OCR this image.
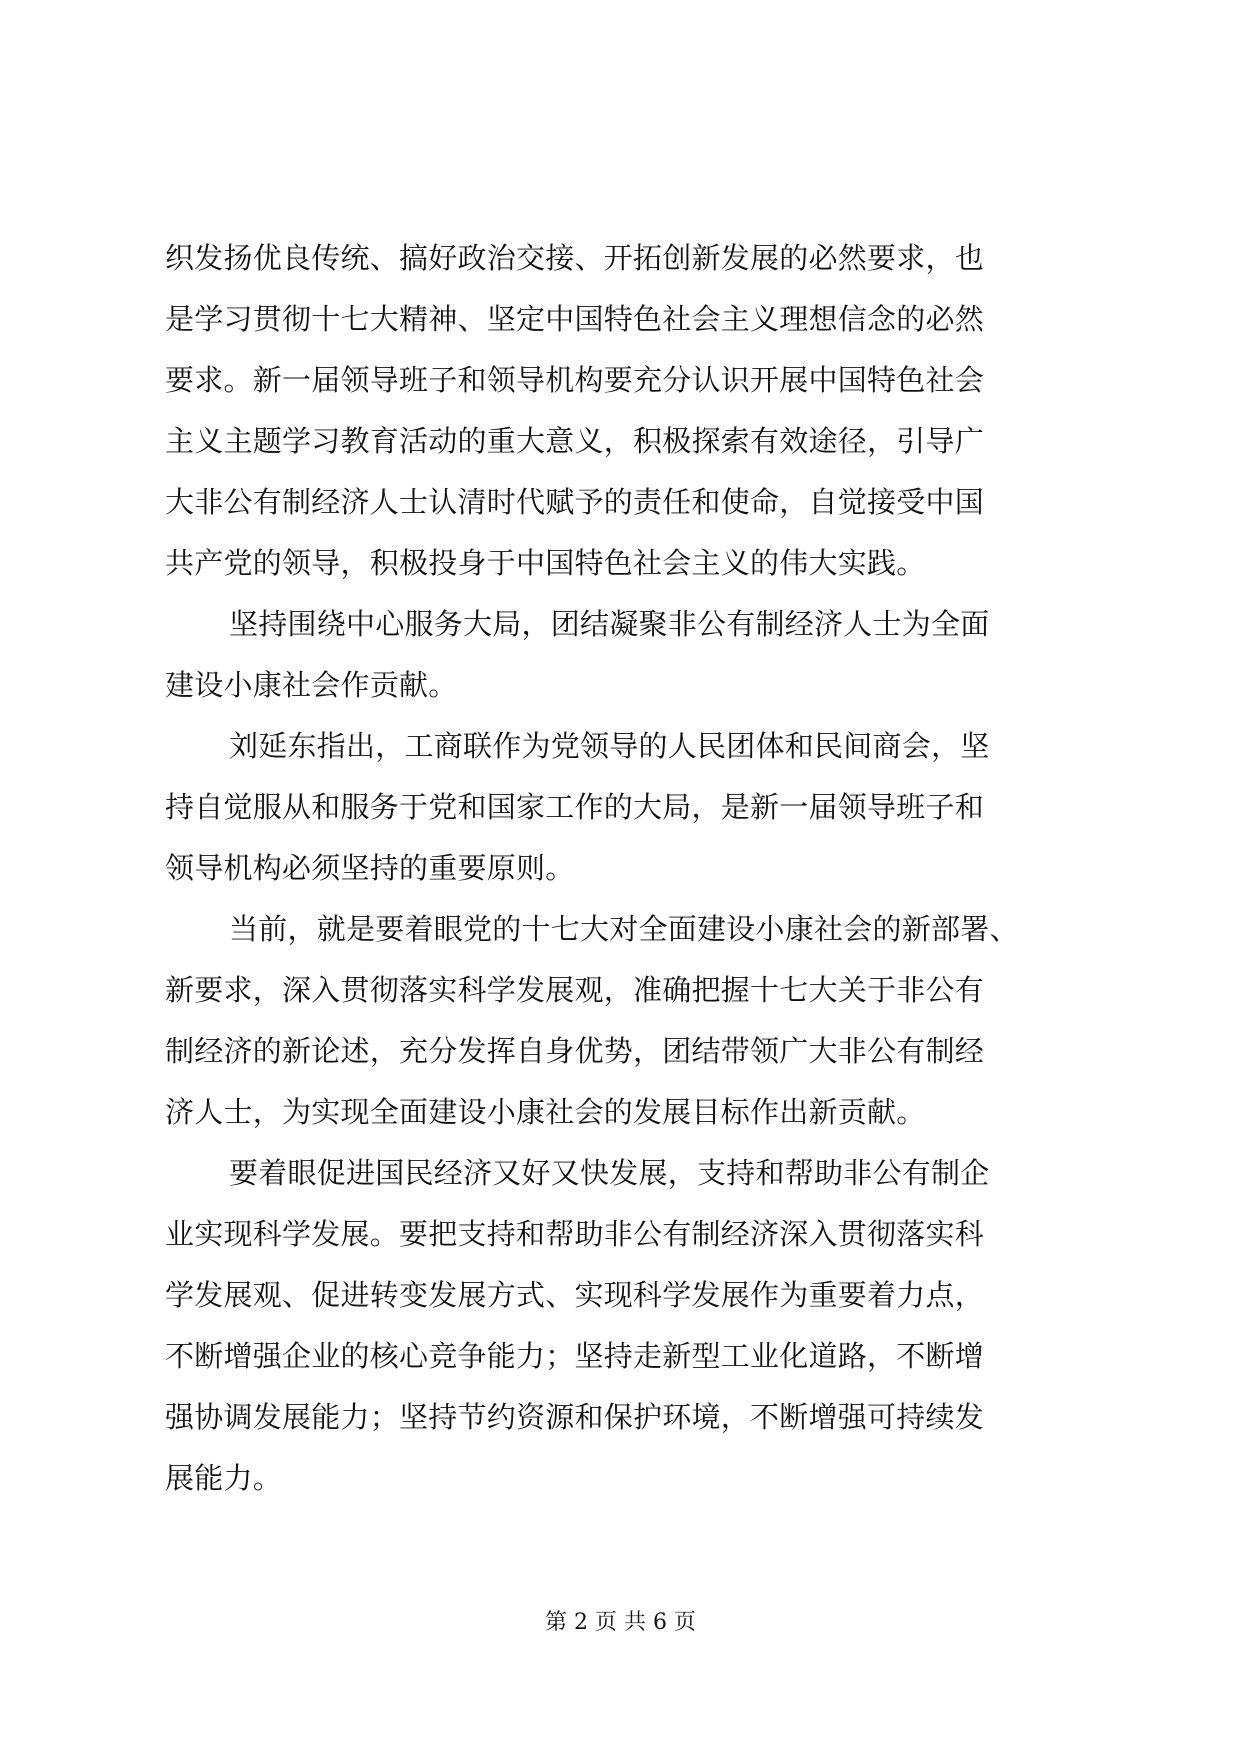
织发扬优良传统、搞好政治交接、开拓创新发展的必然要求，也
是学习贯彻十七大精神、坚定中国特色社会主义理想信念的必然
要求。新一届领导班子和领导机构要充分认识开展中国特色社会
主义主题学习教育活动的重大意义，积极探索有效途径，引导广
大非公有制经济人士认清时代赋予的责任和使命，自觉接受中国
共产党的领导，积极投身于中国特色社会主义的伟大实践。
坚持围绕中心服务大局，团结凝聚非公有制经济人士为全面
建设小康社会作贡献。
刘延东指出，工商联作为党领导的人民团体和民间商会，坚
持自觉服从和服务于党和国家工作的大局，是新一届领导班子和
领导机构必须坚持的重要原则。
当前，就是要着眼党的十七大对全面建设小康社会的新部署、
新要求，深入贯彻落实科学发展观，准确把握十七大关于非公有
制经济的新论述，充分发挥自身优势，团结带领广大非公有制经
济人士，为实现全面建设小康社会的发展目标作出新贡献。
要着眼促进国民经济又好又快发展，支持和帮助非公有制企
业实现科学发展。要把支持和帮助非公有制经济深入贯彻落实科
学发展观、促进转变发展方式、实现科学发展作为重要着力点，
不断增强企业的核心竞争能力；坚持走新型工业化道路，不断增
强协调发展能力；坚持节约资源和保护环境，不断增强可持续发
展能力。
第 2 页 共 6 页
